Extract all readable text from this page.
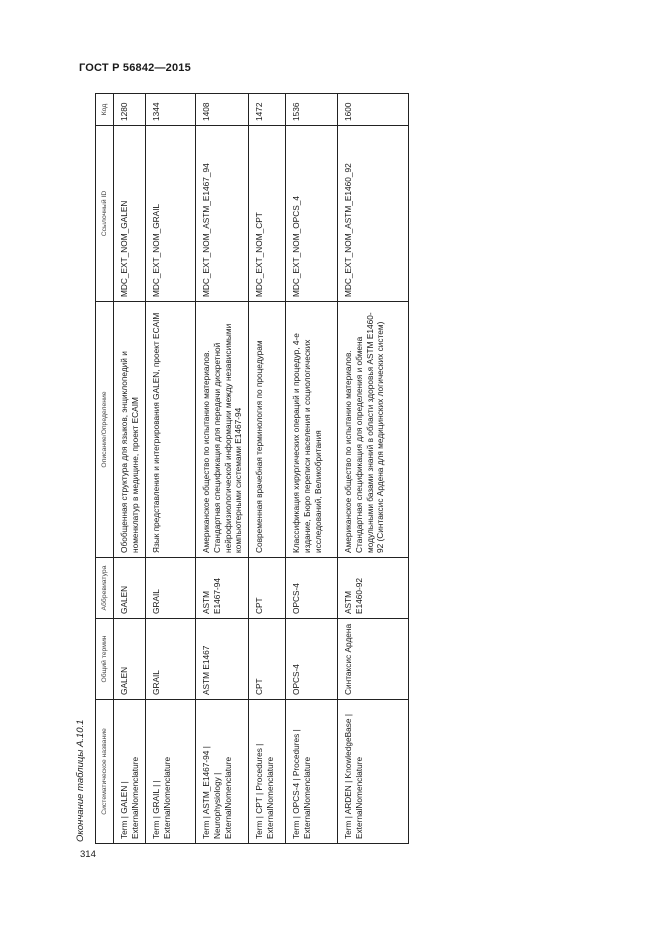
ГОСТ Р 56842—2015
314
Окончание таблицы А.10.1 Систематическое название	Общий термин	Аббревиатура	Описание/Определение	Ссылочный ID	Код
Term | GALEN | ExternalNomenclature	GALEN	GALEN	Обобщенная структура для языков, энциклопедий и номенклатур в медицине, проект ECAIM	MDC_EXT_NOM_GALEN	1280
Term | GRAIL | | ExternalNomenclature	GRAIL	GRAIL	Язык представления и интегрирования GALEN, проект ECAIM	MDC_EXT_NOM_GRAIL	1344
Term | ASTM_E1467-94 | Neurophysiology | ExternalNomenclature	ASTM E1467	ASTM E1467-94	Американское общество по испытанию материалов. Стандартная спецификация для передачи дискретной нейрофизиологической информации между независимыми компьютерными системами E1467-94	MDC_EXT_NOM_ASTM_E1467_94	1408
Term | CPT | Procedures | ExternalNomenclature	CPT	CPT	Современная врачебная терминология по процедурам	MDC_EXT_NOM_CPT	1472
Term | OPCS-4 | Procedures | ExternalNomenclature	OPCS-4	OPCS-4	Классификация хирургических операций и процедур, 4-е издание, Бюро переписи населения и социологических исследований, Великобритания	MDC_EXT_NOM_OPCS_4	1536
Term | ARDEN | KnowledgeBase | ExternalNomenclature	Синтаксис Ардена	ASTM E1460-92	Американское общество по испытанию материалов. Стандартная спецификация для определения и обмена модульными базами знаний в области здоровья ASTM E1460-92 (Синтаксис Ардена для медицинских логических систем)	MDC_EXT_NOM_ASTM_E1460_92	1600
